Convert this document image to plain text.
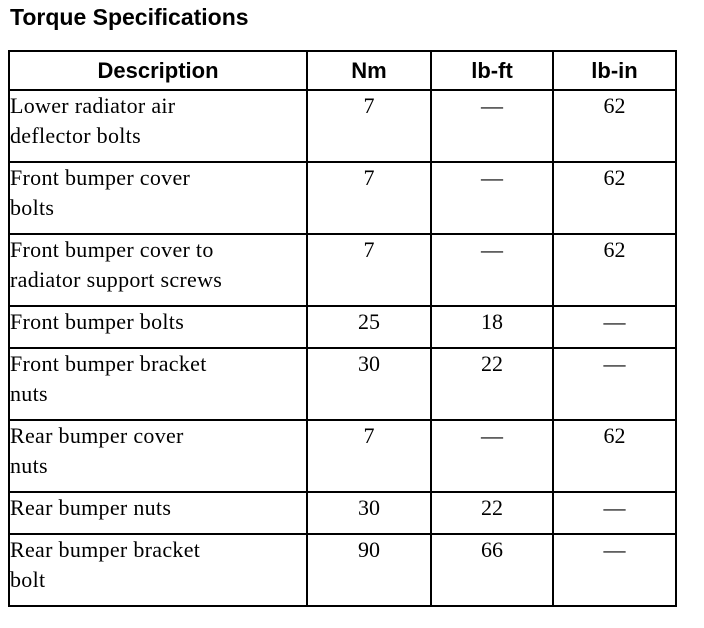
Torque Specifications
Description	Nm	lb-ft	lb-in
Lower radiator air
deflector bolts	7	—	62
Front bumper cover
bolts	7	—	62
Front bumper cover to
radiator support screws	7	—	62
Front bumper bolts	25	18	—
Front bumper bracket
nuts	30	22	—
Rear bumper cover
nuts	7	—	62
Rear bumper nuts	30	22	—
Rear bumper bracket
bolt	90	66	—
